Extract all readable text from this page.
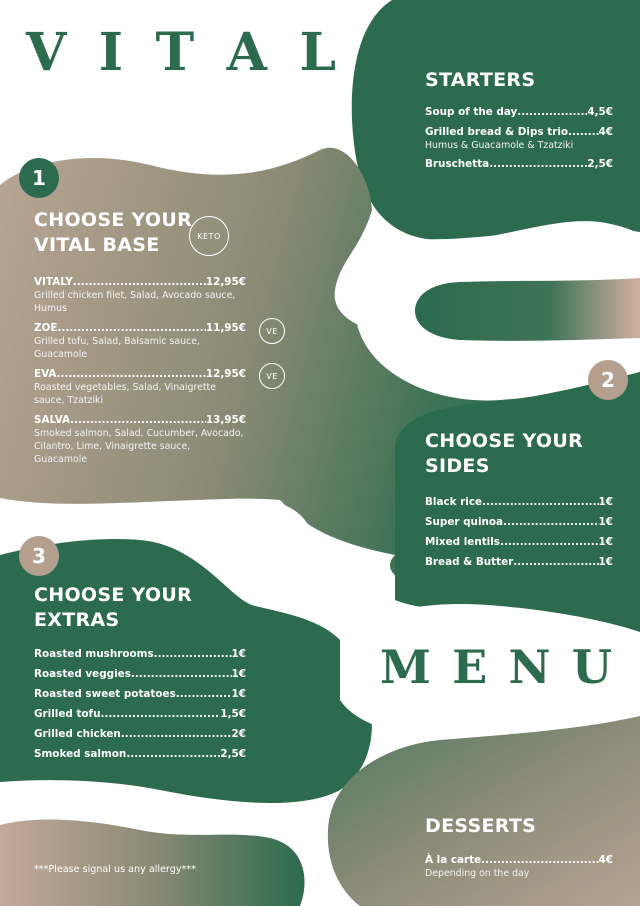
V I T A L	STARTERS
Soup of the day .....	4,5€
Grilled bread & Dips trio .....	4€
Humus & Guacamole & Tzatziki
Bruschetta .....	2,5€
1
CHOOSE YOUR
VITAL BASE	KETO
VITALY .....	12,95€
Grilled chicken filet, Salad, Avocado sauce, Humus
ZOE .....	11,95€
Grilled tofu, Salad, Balsamic sauce, Guacamole
EVA .....	12,95€
Roasted vegetables, Salad, Vinaigrette sauce, Tzatziki
SALVA .....	13,95€
Smoked salmon, Salad, Cucumber, Avocado, Cilantro, Lime, Vinaigrette sauce, Guacamole
VE
VE	2
CHOOSE YOUR
SIDES
Black rice .....	1€
Super quinoa .....	1€
Mixed lentils .....	1€
Bread & Butter .....	1€
3
CHOOSE YOUR
EXTRAS
Roasted mushrooms .....	1€
Roasted veggies .....	1€
Roasted sweet potatoes .....	1€
Grilled tofu .....	1,5€
Grilled chicken .....	2€
Smoked salmon .....	2,5€
M E N U
DESSERTS
À la carte .....	4€
Depending on the day
***Please signal us any allergy***
